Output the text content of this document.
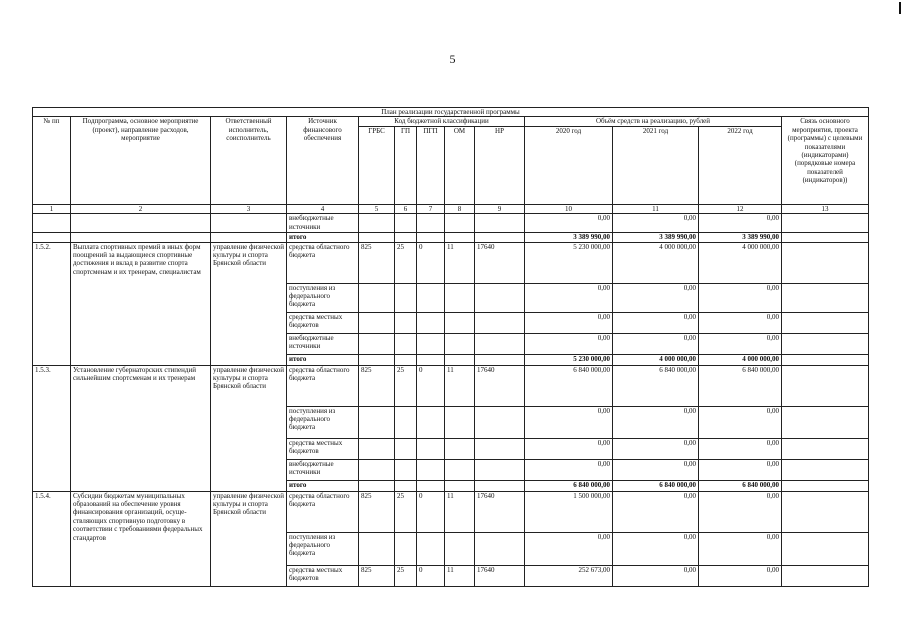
5
План реализации государственной программы												
№ пп	Подпрограмма, основное мероприятие (проект), направление расходов, мероприятие	Ответственный исполнитель, соисполнитель	Источник финансового обеспечения	Код бюджетной классификации					Объём средств на реализацию, рублей			Связь основного мероприятия, проекта (программы) с целевыми показателями (индикаторами) (порядковые номера показателей (индикаторов))
				ГРБС	ГП	ПГП	ОМ	НР	2020 год	2021 год	2022 год	
1	2	3	4	5	6	7	8	9	10	11	12	13
			внебюджетные источники						0,00	0,00	0,00	
			итого						3 389 990,00	3 389 990,00	3 389 990,00	
1.5.2.	Выплата спортивных премий в иных форм поощрений за выдающиеся спортивные достижения и вклад в развитие спорта спортсменам и их тренерам, специалистам	управление физической культуры и спорта Брянской области	средства областного бюджета	825	25	0	11	17640	5 230 000,00	4 000 000,00	4 000 000,00	
			поступления из федерального бюджета						0,00	0,00	0,00	
			средства местных бюджетов						0,00	0,00	0,00	
			внебюджетные источники						0,00	0,00	0,00	
			итого						5 230 000,00	4 000 000,00	4 000 000,00	
1.5.3.	Установление губернаторских стипендий сильнейшим спортсменам и их тренерам	управление физической культуры и спорта Брянской области	средства областного бюджета	825	25	0	11	17640	6 840 000,00	6 840 000,00	6 840 000,00	
			поступления из федерального бюджета						0,00	0,00	0,00	
			средства местных бюджетов						0,00	0,00	0,00	
			внебюджетные источники						0,00	0,00	0,00	
			итого						6 840 000,00	6 840 000,00	6 840 000,00	
1.5.4.	Субсидии бюджетам муниципальных образований на обеспечение уровня финансирования организаций, осуще-ствляющих спортивную подготовку в соответствии с требованиями федеральных стандартов	управление физической культуры и спорта Брянской области	средства областного бюджета	825	25	0	11	17640	1 500 000,00	0,00	0,00	
			поступления из федерального бюджета						0,00	0,00	0,00	
			средства местных бюджетов	825	25	0	11	17640	252 673,00	0,00	0,00	
